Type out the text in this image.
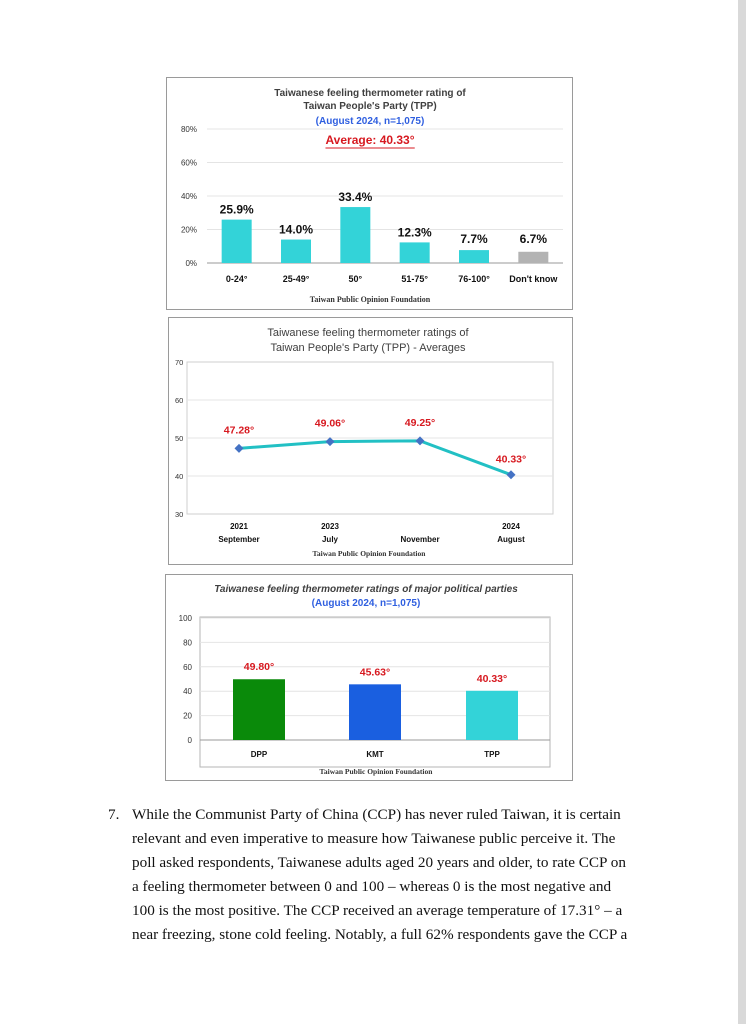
Taiwanese feeling thermometer rating of
Taiwan People's Party (TPP)
(August 2024, n=1,075)
Average: 40.33°
0%
20%
40%
60%
80%
25.9%
14.0%
33.4%
12.3% 7.7%	6.7%
0-24°	25-49°	50°	51-75°	76-100° Don't know
Taiwan Public Opinion Foundation
Taiwanese feeling thermometer ratings of
Taiwan People's Party (TPP) - Averages
30
40
50
60
70
47.28°
49.06°	49.25°
40.33°
2021
September
2023
July	November
2024
August
Taiwan Public Opinion Foundation
Taiwanese feeling thermometer ratings of major political parties
(August 2024, n=1,075)
0
20
40
60
80
100
49.80°	45.63°
40.33°
DPP	KMT	TPP
Taiwan Public Opinion Foundation
7. While the Communist Party of China (CCP) has never ruled Taiwan, it is certain
relevant and even imperative to measure how Taiwanese public perceive it. The
poll asked respondents, Taiwanese adults aged 20 years and older, to rate CCP on
a feeling thermometer between 0 and 100 – whereas 0 is the most negative and
100 is the most positive. The CCP received an average temperature of 17.31° – a
near freezing, stone cold feeling. Notably, a full 62% respondents gave the CCP a
